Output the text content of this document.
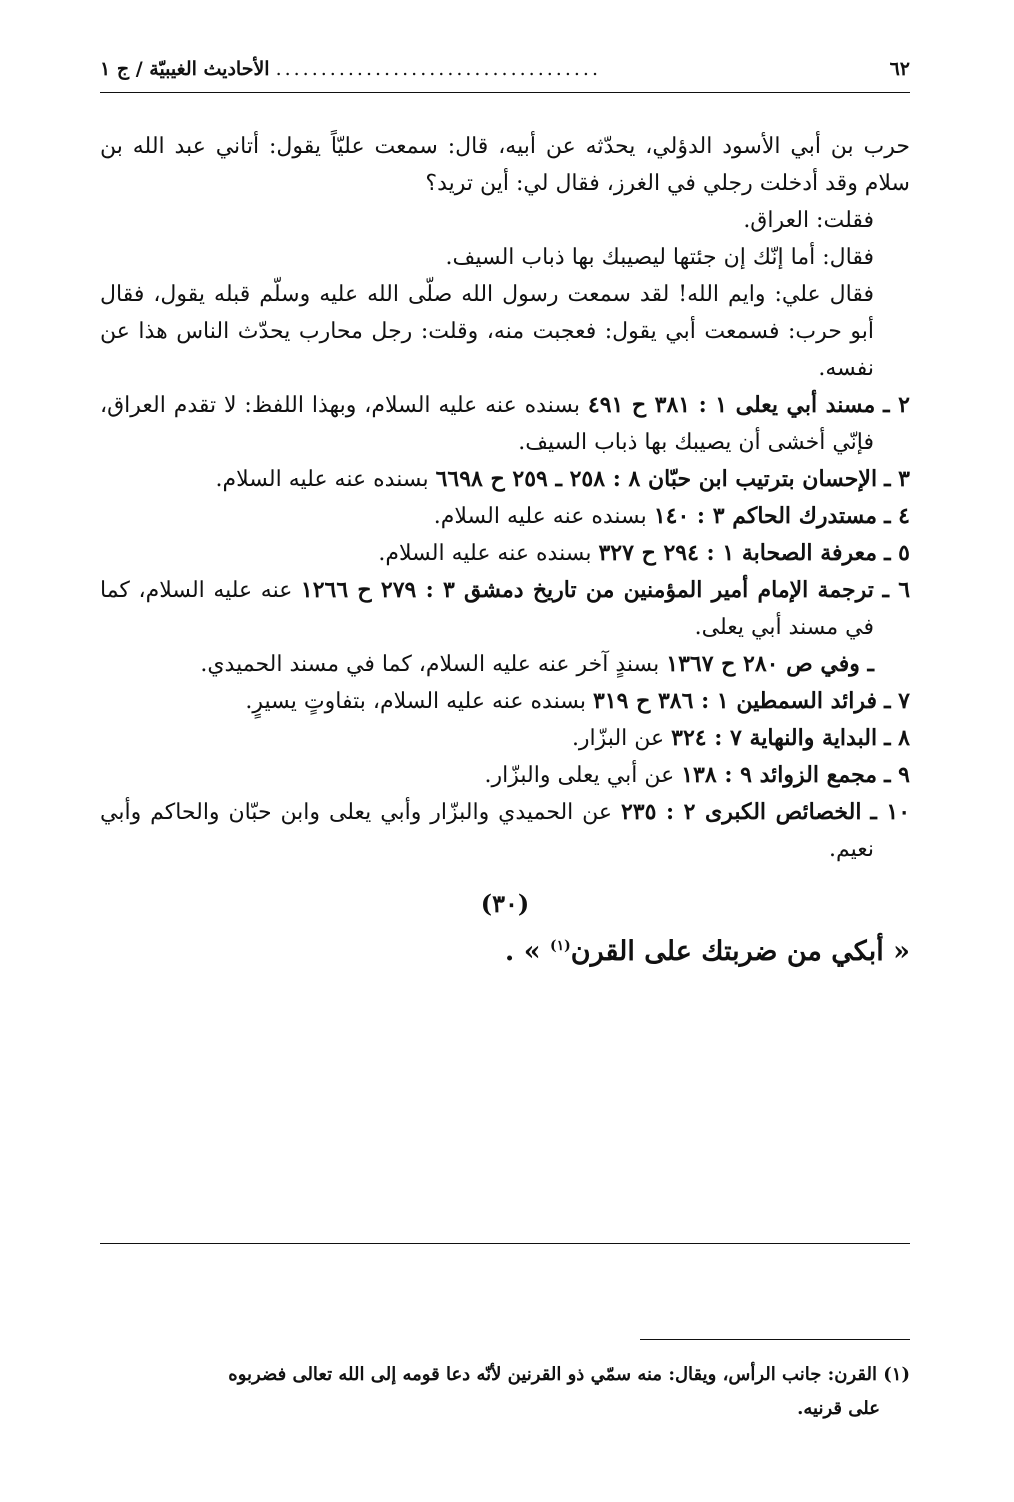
٦٢
....................................
الأحاديث الغيبيّة / ج ١

حرب بن أبي الأسود الدؤلي، يحدّثه عن أبيه، قال: سمعت عليّاً يقول: أتاني عبد الله بن سلام وقد أدخلت رجلي في الغرز، فقال لي: أين تريد؟

فقلت: العراق.

فقال: أما إنّك إن جئتها ليصيبك بها ذباب السيف.

فقال علي: وايم الله! لقد سمعت رسول الله صلّى الله عليه وسلّم قبله يقول، فقال أبو حرب: فسمعت أبي يقول: فعجبت منه، وقلت: رجل محارب يحدّث الناس هذا عن نفسه.

٢ ـ مسند أبي يعلى ١ : ٣٨١ ح ٤٩١ بسنده عنه عليه السلام، وبهذا اللفظ: لا تقدم العراق، فإنّي أخشى أن يصيبك بها ذباب السيف.

٣ ـ الإحسان بترتيب ابن حبّان ٨ : ٢٥٨ ـ ٢٥٩ ح ٦٦٩٨ بسنده عنه عليه السلام.

٤ ـ مستدرك الحاكم ٣ : ١٤٠ بسنده عنه عليه السلام.

٥ ـ معرفة الصحابة ١ : ٢٩٤ ح ٣٢٧ بسنده عنه عليه السلام.

٦ ـ ترجمة الإمام أمير المؤمنين من تاريخ دمشق ٣ : ٢٧٩ ح ١٢٦٦ عنه عليه السلام، كما في مسند أبي يعلى.

ـ وفي ص ٢٨٠ ح ١٣٦٧ بسندٍ آخر عنه عليه السلام، كما في مسند الحميدي.

٧ ـ فرائد السمطين ١ : ٣٨٦ ح ٣١٩ بسنده عنه عليه السلام، بتفاوتٍ يسيرٍ.

٨ ـ البداية والنهاية ٧ : ٣٢٤ عن البزّار.

٩ ـ مجمع الزوائد ٩ : ١٣٨ عن أبي يعلى والبزّار.

١٠ ـ الخصائص الكبرى ٢ : ٢٣٥ عن الحميدي والبزّار وأبي يعلى وابن حبّان والحاكم وأبي نعيم.

(٣٠)

« أبكي من ضربتك على القرن$^{(١)}$ » .

(١) القرن: جانب الرأس، ويقال: منه سمّي ذو القرنين لأنّه دعا قومه إلى الله تعالى فضربوه

على قرنيه.
